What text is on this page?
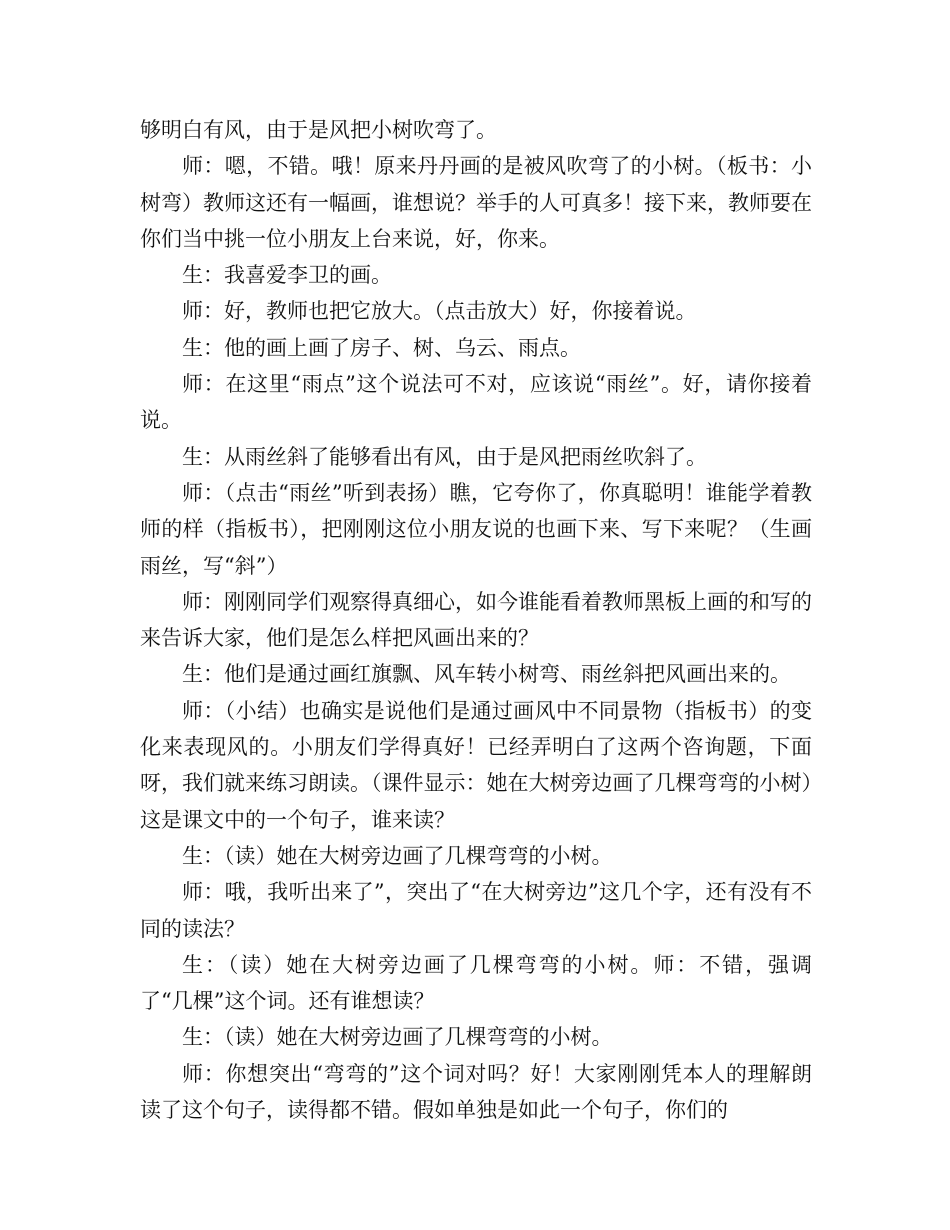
够明白有风，由于是风把小树吹弯了。

师：嗯，不错。哦！原来丹丹画的是被风吹弯了的小树。（板书：小树弯）教师这还有一幅画，谁想说？举手的人可真多！接下来，教师要在你们当中挑一位小朋友上台来说，好，你来。

生：我喜爱李卫的画。

师：好，教师也把它放大。（点击放大）好，你接着说。

生：他的画上画了房子、树、乌云、雨点。

师：在这里“雨点”这个说法可不对，应该说“雨丝”。好，请你接着说。

生：从雨丝斜了能够看出有风，由于是风把雨丝吹斜了。

师：（点击“雨丝”听到表扬）瞧，它夸你了，你真聪明！谁能学着教师的样（指板书），把刚刚这位小朋友说的也画下来、写下来呢？（生画雨丝，写“斜”）

师：刚刚同学们观察得真细心，如今谁能看着教师黑板上画的和写的来告诉大家，他们是怎么样把风画出来的？

生：他们是通过画红旗飘、风车转小树弯、雨丝斜把风画出来的。

师：（小结）也确实是说他们是通过画风中不同景物（指板书）的变化来表现风的。小朋友们学得真好！已经弄明白了这两个咨询题，下面呀，我们就来练习朗读。（课件显示：她在大树旁边画了几棵弯弯的小树）这是课文中的一个句子，谁来读？

生：（读）她在大树旁边画了几棵弯弯的小树。

师：哦，我听出来了”，突出了“在大树旁边”这几个字，还有没有不同的读法？

生：（读）她在大树旁边画了几棵弯弯的小树。师：不错，强调了“几棵”这个词。还有谁想读？

生：（读）她在大树旁边画了几棵弯弯的小树。

师：你想突出“弯弯的”这个词对吗？好！大家刚刚凭本人的理解朗读了这个句子，读得都不错。假如单独是如此一个句子，你们的
